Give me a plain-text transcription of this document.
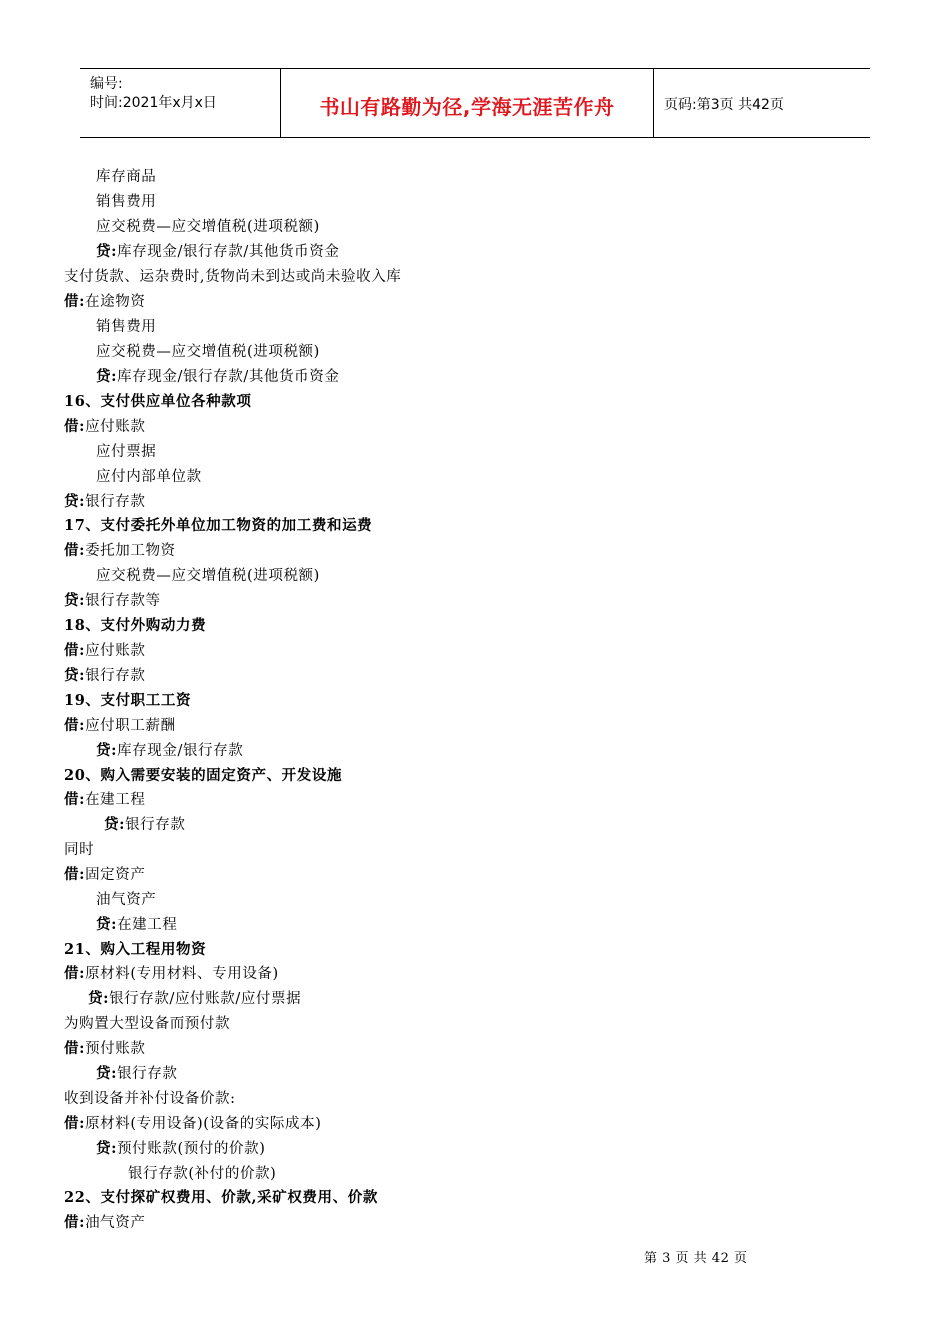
编号:
时间:2021年x月x日	书山有路勤为径,学海无涯苦作舟	页码:第3页 共42页
库存商品
销售费用
应交税费—应交增值税(进项税额)
贷:库存现金/银行存款/其他货币资金
支付货款、运杂费时,货物尚未到达或尚未验收入库
借:在途物资
销售费用
应交税费—应交增值税(进项税额)
贷:库存现金/银行存款/其他货币资金
16、支付供应单位各种款项
借:应付账款
应付票据
应付内部单位款
贷:银行存款
17、支付委托外单位加工物资的加工费和运费
借:委托加工物资
应交税费—应交增值税(进项税额)
贷:银行存款等
18、支付外购动力费
借:应付账款
贷:银行存款
19、支付职工工资
借:应付职工薪酬
贷:库存现金/银行存款
20、购入需要安装的固定资产、开发设施
借:在建工程
贷:银行存款
同时
借:固定资产
油气资产
贷:在建工程
21、购入工程用物资
借:原材料(专用材料、专用设备)
贷:银行存款/应付账款/应付票据
为购置大型设备而预付款
借:预付账款
贷:银行存款
收到设备并补付设备价款:
借:原材料(专用设备)(设备的实际成本)
贷:预付账款(预付的价款)
银行存款(补付的价款)
22、支付探矿权费用、价款,采矿权费用、价款
借:油气资产
第 3 页 共 42 页
